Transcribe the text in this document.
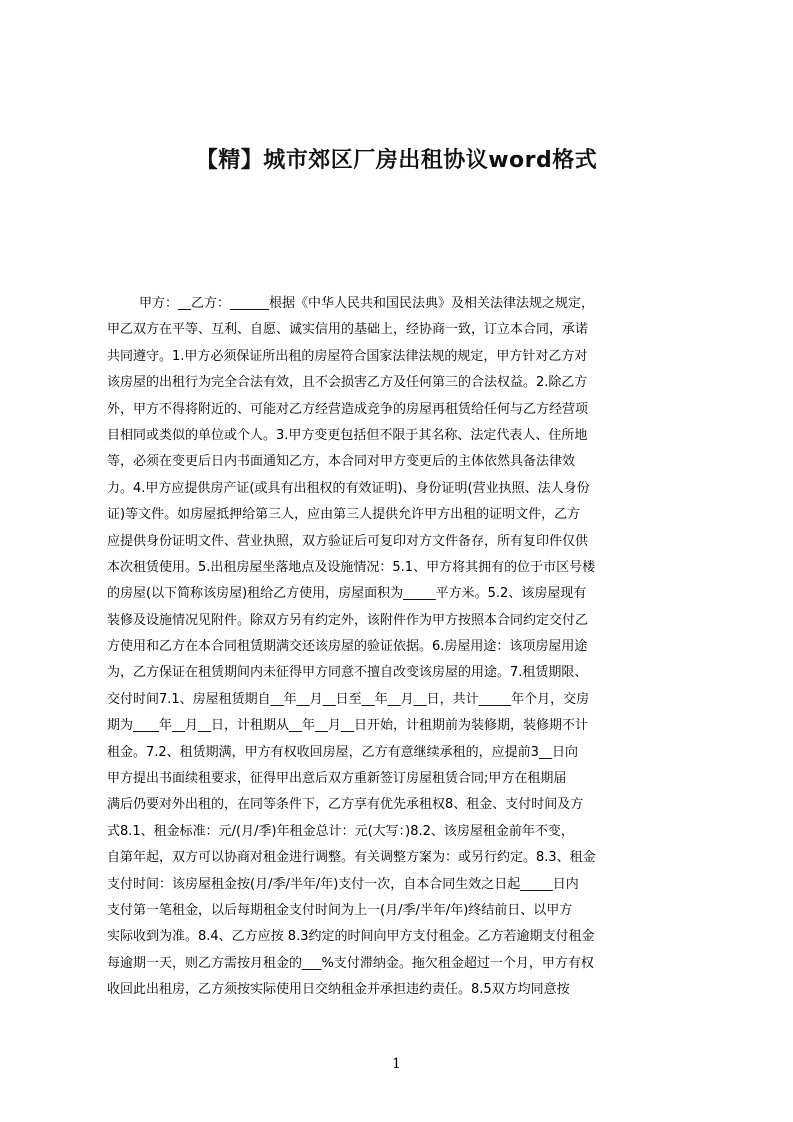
【精】城市郊区厂房出租协议word格式
甲方：__乙方：______根据《中华人民共和国民法典》及相关法律法规之规定，
甲乙双方在平等、互利、自愿、诚实信用的基础上，经协商一致，订立本合同，承诺
共同遵守。1.甲方必须保证所出租的房屋符合国家法律法规的规定，甲方针对乙方对
该房屋的出租行为完全合法有效，且不会损害乙方及任何第三的合法权益。2.除乙方
外，甲方不得将附近的、可能对乙方经营造成竞争的房屋再租赁给任何与乙方经营项
目相同或类似的单位或个人。3.甲方变更包括但不限于其名称、法定代表人、住所地
等，必须在变更后日内书面通知乙方，本合同对甲方变更后的主体依然具备法律效
力。4.甲方应提供房产证(或具有出租权的有效证明)、身份证明(营业执照、法人身份
证)等文件。如房屋抵押给第三人，应由第三人提供允许甲方出租的证明文件，乙方
应提供身份证明文件、营业执照，双方验证后可复印对方文件备存，所有复印件仅供
本次租赁使用。5.出租房屋坐落地点及设施情况：5.1、甲方将其拥有的位于市区号楼
的房屋(以下简称该房屋)租给乙方使用，房屋面积为_____平方米。5.2、该房屋现有
装修及设施情况见附件。除双方另有约定外，该附件作为甲方按照本合同约定交付乙
方使用和乙方在本合同租赁期满交还该房屋的验证依据。6.房屋用途：该项房屋用途
为，乙方保证在租赁期间内未征得甲方同意不擅自改变该房屋的用途。7.租赁期限、
交付时间7.1、房屋租赁期自__年__月__日至__年__月__日，共计_____年个月，交房
期为____年__月__日，计租期从__年__月__日开始，计租期前为装修期，装修期不计
租金。7.2、租赁期满，甲方有权收回房屋，乙方有意继续承租的，应提前3__日向
甲方提出书面续租要求，征得甲出意后双方重新签订房屋租赁合同;甲方在租期届
满后仍要对外出租的，在同等条件下，乙方享有优先承租权8、租金、支付时间及方
式8.1、租金标准：元/(月/季)年租金总计：元(大写：)8.2、该房屋租金前年不变，
自第年起，双方可以协商对租金进行调整。有关调整方案为：或另行约定。8.3、租金
支付时间：该房屋租金按(月/季/半年/年)支付一次，自本合同生效之日起_____日内
支付第一笔租金，以后每期租金支付时间为上一(月/季/半年/年)终结前日、以甲方
实际收到为准。8.4、乙方应按 8.3约定的时间向甲方支付租金。乙方若逾期支付租金
每逾期一天，则乙方需按月租金的___%支付滞纳金。拖欠租金超过一个月，甲方有权
收回此出租房，乙方须按实际使用日交纳租金并承担违约责任。8.5双方均同意按
1
